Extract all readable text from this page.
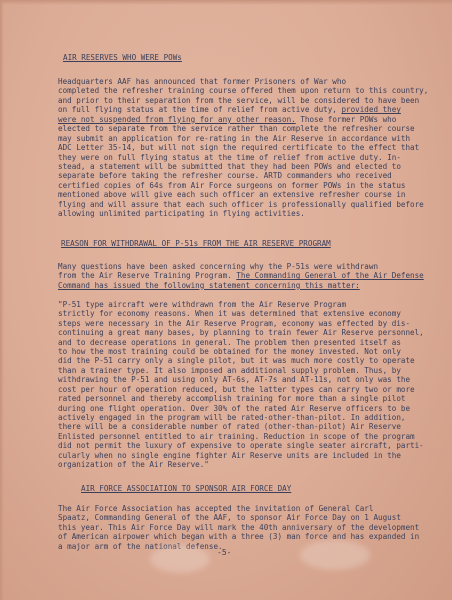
AIR RESERVES WHO WERE POWs
Headquarters AAF has announced that former Prisoners of War who
completed the refresher training course offered them upon return to this country,
and prior to their separation from the service, will be considered to have been
on full flying status at the time of relief from active duty, provided they
were not suspended from flying for any other reason. Those former POWs who
elected to separate from the service rather than complete the refresher course
may submit an application for re-rating in the Air Reserve in accordance with
ADC Letter 35-14, but will not sign the required certificate to the effect that
they were on full flying status at the time of relief from active duty. In-
stead, a statement will be submitted that they had been POWs and elected to
separate before taking the refresher course. ARTD commanders who received
certified copies of 64s from Air Force surgeons on former POWs in the status
mentioned above will give each such officer an extensive refresher course in
flying and will assure that each such officer is professionally qualified before
allowing unlimited participating in flying activities.
REASON FOR WITHDRAWAL OF P-51s FROM THE AIR RESERVE PROGRAM
Many questions have been asked concerning why the P-51s were withdrawn
from the Air Reserve Training Program. The Commanding General of the Air Defense
Command has issued the following statement concerning this matter:
"P-51 type aircraft were withdrawn from the Air Reserve Program
strictly for economy reasons. When it was determined that extensive economy
steps were necessary in the Air Reserve Program, economy was effected by dis-
continuing a great many bases, by planning to train fewer Air Reserve personnel,
and to decrease operations in general. The problem then presented itself as
to how the most training could be obtained for the money invested. Not only
did the P-51 carry only a single pilot, but it was much more costly to operate
than a trainer type. It also imposed an additional supply problem. Thus, by
withdrawing the P-51 and using only AT-6s, AT-7s and AT-11s, not only was the
cost per hour of operation reduced, but the latter types can carry two or more
rated personnel and thereby accomplish training for more than a single pilot
during one flight operation. Over 30% of the rated Air Reserve officers to be
actively engaged in the program will be rated-other-than-pilot. In addition,
there will be a considerable number of rated (other-than-pilot) Air Reserve
Enlisted personnel entitled to air training. Reduction in scope of the program
did not permit the luxury of expensive to operate single seater aircraft, parti-
cularly when no single engine fighter Air Reserve units are included in the
organization of the Air Reserve."
AIR FORCE ASSOCIATION TO SPONSOR AIR FORCE DAY
The Air Force Association has accepted the invitation of General Carl
Spaatz, Commanding General of the AAF, to sponsor Air Force Day on 1 August
this year. This Air Force Day will mark the 40th anniversary of the development
of American airpower which began with a three (3) man force and has expanded in
a major arm of the national defense.
-5-
